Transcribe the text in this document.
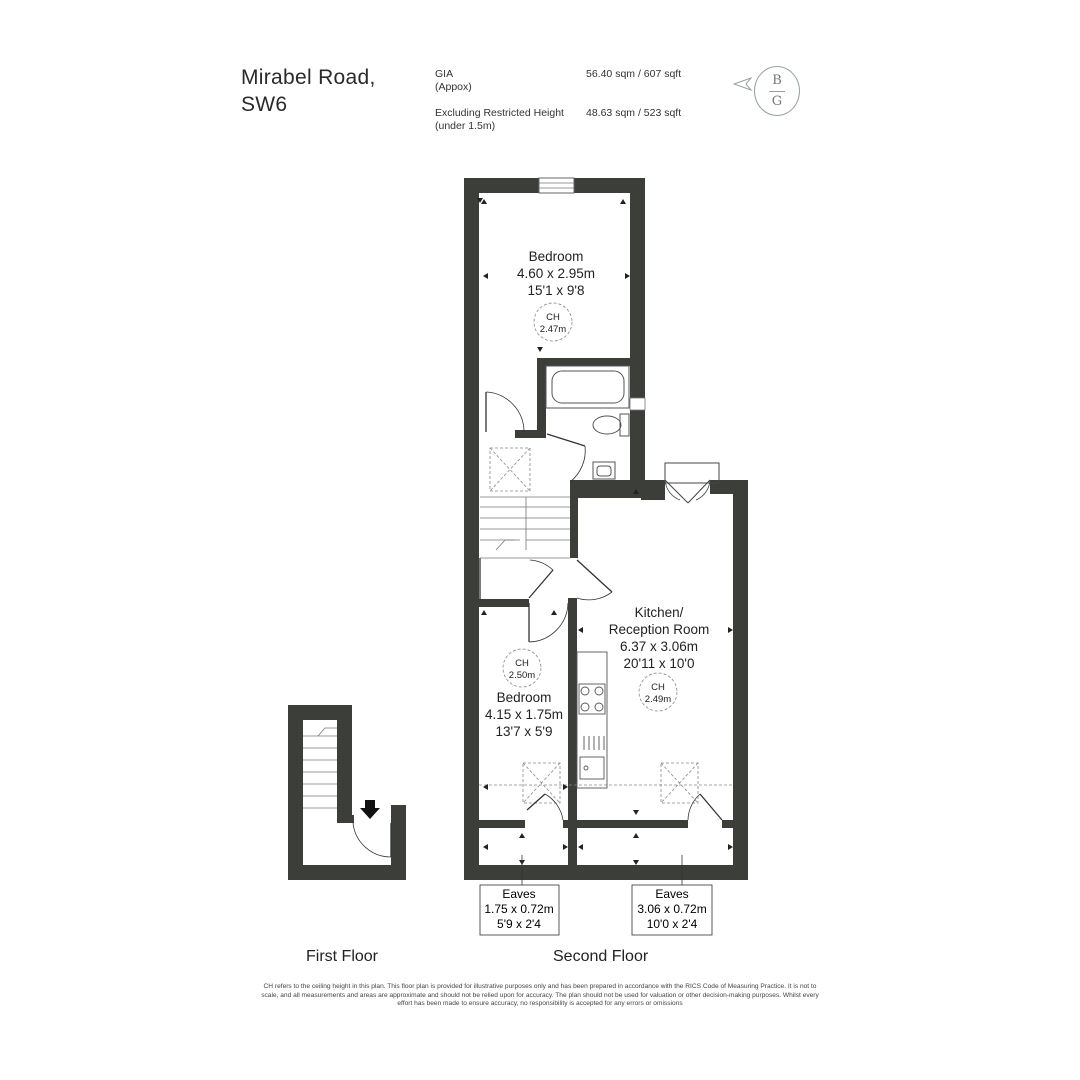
Mirabel Road,
SW6
GIA
(Appox)
56.40 sqm / 607 sqft
Excluding Restricted Height
(under 1.5m)
48.63 sqm / 523 sqft
B
G
Bedroom
4.60 x 2.95m
15'1 x 9'8
CH
2.47m
Bedroom
4.15 x 1.75m
13'7 x 5'9
CH
2.50m
Kitchen/
Reception Room
6.37 x 3.06m
20'11 x 10'0
CH
2.49m
Eaves
1.75 x 0.72m
5'9 x 2'4
Eaves
3.06 x 0.72m
10'0 x 2'4
First Floor	Second Floor
CH refers to the ceiling height in this plan. This floor plan is provided for illustrative purposes only and has been prepared in accordance with the RICS Code of Measuring Practice. It is not to scale, and all measurements and areas are approximate and should not be relied upon for accuracy. The plan should not be used for valuation or other decision-making purposes. Whilst every effort has been made to ensure accuracy, no responsibility is accepted for any errors or omissions
